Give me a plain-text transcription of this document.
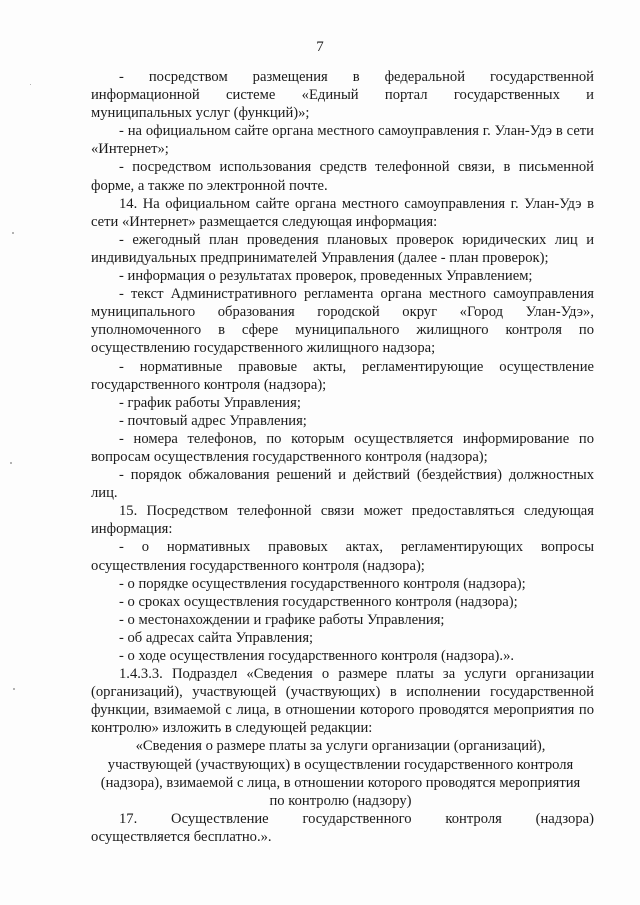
7

- посредством размещения в федеральной государственной

информационной системе «Единый портал государственных и

муниципальных услуг (функций)»;

- на официальном сайте органа местного самоуправления г. Улан-Удэ в сети «Интернет»;

- посредством использования средств телефонной связи, в письменной форме, а также по электронной почте.

14. На официальном сайте органа местного самоуправления г. Улан-Удэ в сети «Интернет» размещается следующая информация:

- ежегодный план проведения плановых проверок юридических лиц и индивидуальных предпринимателей Управления (далее - план проверок);

- информация о результатах проверок, проведенных Управлением;

- текст Административного регламента органа местного самоуправления муниципального образования городской округ «Город Улан-Удэ», уполномоченного в сфере муниципального жилищного контроля по осуществлению государственного жилищного надзора;

- нормативные правовые акты, регламентирующие осуществление государственного контроля (надзора);

- график работы Управления;

- почтовый адрес Управления;

- номера телефонов, по которым осуществляется информирование по вопросам осуществления государственного контроля (надзора);

- порядок обжалования решений и действий (бездействия) должностных лиц.

15. Посредством телефонной связи может предоставляться следующая информация:

- о нормативных правовых актах, регламентирующих вопросы осуществления государственного контроля (надзора);

- о порядке осуществления государственного контроля (надзора);

- о сроках осуществления государственного контроля (надзора);

- о местонахождении и графике работы Управления;

- об адресах сайта Управления;

- о ходе осуществления государственного контроля (надзора).».

1.4.3.3. Подраздел «Сведения о размере платы за услуги организации (организаций), участвующей (участвующих) в исполнении государственной функции, взимаемой с лица, в отношении которого проводятся мероприятия по контролю» изложить в следующей редакции:

«Сведения о размере платы за услуги организации (организаций),

участвующей (участвующих) в осуществлении государственного контроля

(надзора), взимаемой с лица, в отношении которого проводятся мероприятия

по контролю (надзору)

17. Осуществление государственного контроля (надзора)

осуществляется бесплатно.».
